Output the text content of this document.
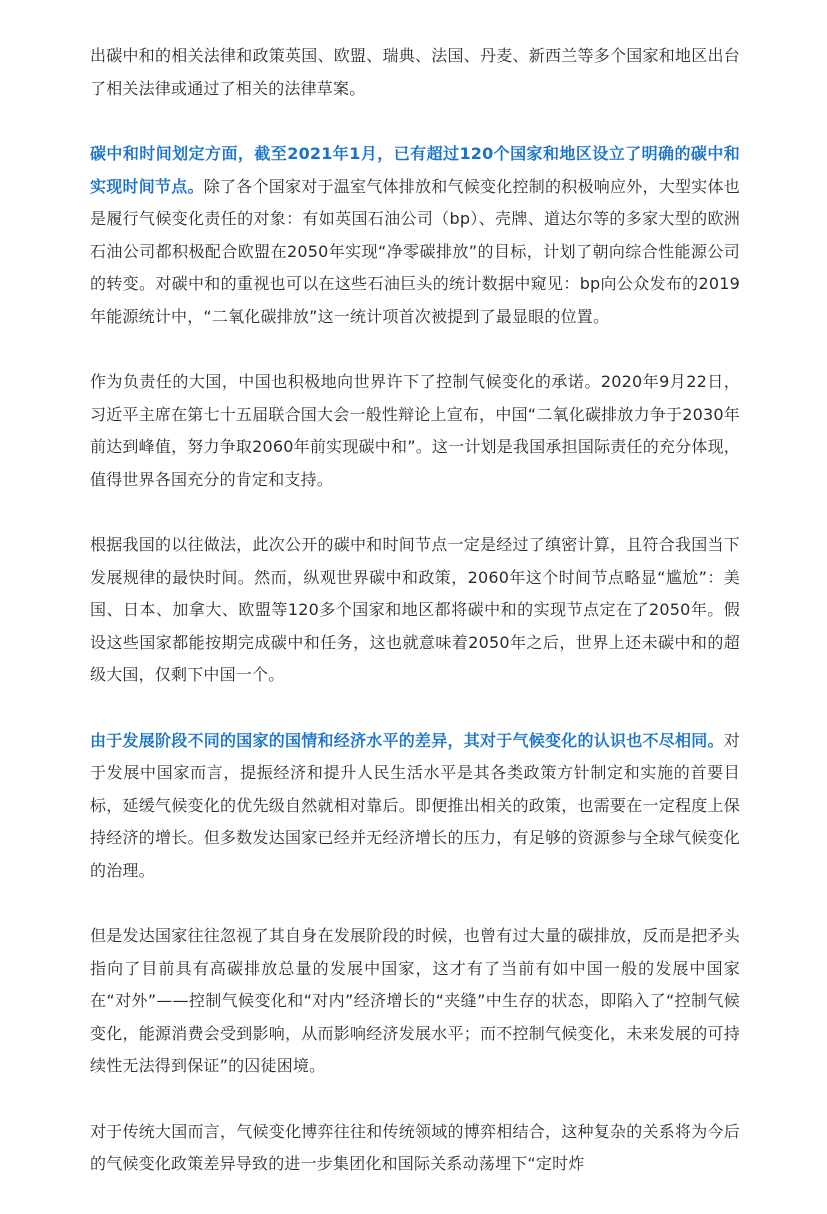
出碳中和的相关法律和政策英国、欧盟、瑞典、法国、丹麦、新西兰等多个国家和地区出台了相关法律或通过了相关的法律草案。

碳中和时间划定方面，截至2021年1月，已有超过120个国家和地区设立了明确的碳中和实现时间节点。除了各个国家对于温室气体排放和气候变化控制的积极响应外，大型实体也是履行气候变化责任的对象：有如英国石油公司（bp）、壳牌、道达尔等的多家大型的欧洲石油公司都积极配合欧盟在2050年实现“净零碳排放”的目标，计划了朝向综合性能源公司的转变。对碳中和的重视也可以在这些石油巨头的统计数据中窥见：bp向公众发布的2019年能源统计中，“二氧化碳排放”这一统计项首次被提到了最显眼的位置。

作为负责任的大国，中国也积极地向世界许下了控制气候变化的承诺。2020年9月22日，习近平主席在第七十五届联合国大会一般性辩论上宣布，中国“二氧化碳排放力争于2030年前达到峰值，努力争取2060年前实现碳中和”。这一计划是我国承担国际责任的充分体现，值得世界各国充分的肯定和支持。

根据我国的以往做法，此次公开的碳中和时间节点一定是经过了缜密计算，且符合我国当下发展规律的最快时间。然而，纵观世界碳中和政策，2060年这个时间节点略显“尴尬”：美国、日本、加拿大、欧盟等120多个国家和地区都将碳中和的实现节点定在了2050年。假设这些国家都能按期完成碳中和任务，这也就意味着2050年之后，世界上还未碳中和的超级大国，仅剩下中国一个。

由于发展阶段不同的国家的国情和经济水平的差异，其对于气候变化的认识也不尽相同。对于发展中国家而言，提振经济和提升人民生活水平是其各类政策方针制定和实施的首要目标，延缓气候变化的优先级自然就相对靠后。即便推出相关的政策，也需要在一定程度上保持经济的增长。但多数发达国家已经并无经济增长的压力，有足够的资源参与全球气候变化的治理。

但是发达国家往往忽视了其自身在发展阶段的时候，也曾有过大量的碳排放，反而是把矛头指向了目前具有高碳排放总量的发展中国家，这才有了当前有如中国一般的发展中国家在“对外”——控制气候变化和“对内”经济增长的“夹缝”中生存的状态，即陷入了“控制气候变化，能源消费会受到影响，从而影响经济发展水平；而不控制气候变化，未来发展的可持续性无法得到保证”的囚徒困境。

对于传统大国而言，气候变化博弈往往和传统领域的博弈相结合，这种复杂的关系将为今后的气候变化政策差异导致的进一步集团化和国际关系动荡埋下“定时炸
